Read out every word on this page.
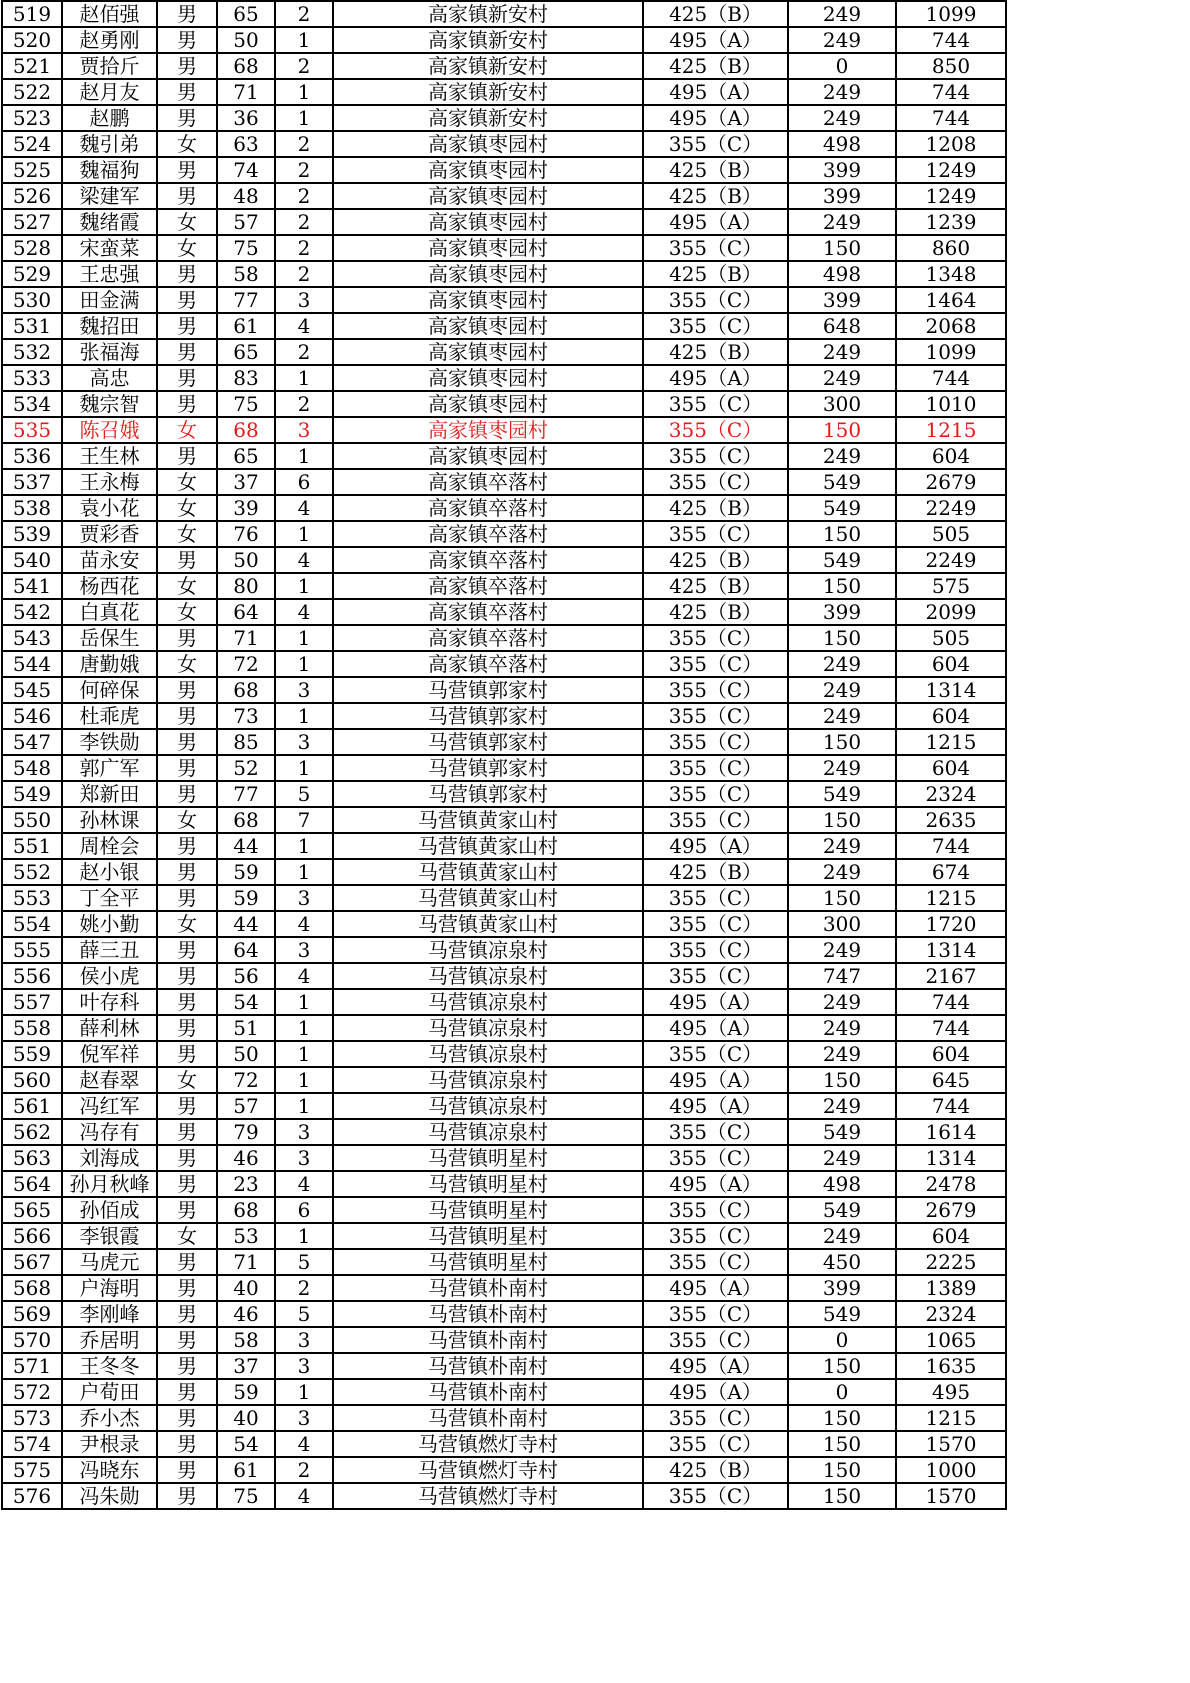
519	赵佰强	男	65	2	高家镇新安村	425（B）	249	1099
520	赵勇刚	男	50	1	高家镇新安村	495（A）	249	744
521	贾拾斤	男	68	2	高家镇新安村	425（B）	0	850
522	赵月友	男	71	1	高家镇新安村	495（A）	249	744
523	赵鹏	男	36	1	高家镇新安村	495（A）	249	744
524	魏引弟	女	63	2	高家镇枣园村	355（C）	498	1208
525	魏福狗	男	74	2	高家镇枣园村	425（B）	399	1249
526	梁建军	男	48	2	高家镇枣园村	425（B）	399	1249
527	魏绪霞	女	57	2	高家镇枣园村	495（A）	249	1239
528	宋蛮菜	女	75	2	高家镇枣园村	355（C）	150	860
529	王忠强	男	58	2	高家镇枣园村	425（B）	498	1348
530	田金满	男	77	3	高家镇枣园村	355（C）	399	1464
531	魏招田	男	61	4	高家镇枣园村	355（C）	648	2068
532	张福海	男	65	2	高家镇枣园村	425（B）	249	1099
533	高忠	男	83	1	高家镇枣园村	495（A）	249	744
534	魏宗智	男	75	2	高家镇枣园村	355（C）	300	1010
535	陈召娥	女	68	3	高家镇枣园村	355（C）	150	1215
536	王生林	男	65	1	高家镇枣园村	355（C）	249	604
537	王永梅	女	37	6	高家镇卒落村	355（C）	549	2679
538	袁小花	女	39	4	高家镇卒落村	425（B）	549	2249
539	贾彩香	女	76	1	高家镇卒落村	355（C）	150	505
540	苗永安	男	50	4	高家镇卒落村	425（B）	549	2249
541	杨西花	女	80	1	高家镇卒落村	425（B）	150	575
542	白真花	女	64	4	高家镇卒落村	425（B）	399	2099
543	岳保生	男	71	1	高家镇卒落村	355（C）	150	505
544	唐勤娥	女	72	1	高家镇卒落村	355（C）	249	604
545	何碎保	男	68	3	马营镇郭家村	355（C）	249	1314
546	杜乖虎	男	73	1	马营镇郭家村	355（C）	249	604
547	李铁勋	男	85	3	马营镇郭家村	355（C）	150	1215
548	郭广军	男	52	1	马营镇郭家村	355（C）	249	604
549	郑新田	男	77	5	马营镇郭家村	355（C）	549	2324
550	孙林课	女	68	7	马营镇黄家山村	355（C）	150	2635
551	周栓会	男	44	1	马营镇黄家山村	495（A）	249	744
552	赵小银	男	59	1	马营镇黄家山村	425（B）	249	674
553	丁全平	男	59	3	马营镇黄家山村	355（C）	150	1215
554	姚小勤	女	44	4	马营镇黄家山村	355（C）	300	1720
555	薛三丑	男	64	3	马营镇凉泉村	355（C）	249	1314
556	侯小虎	男	56	4	马营镇凉泉村	355（C）	747	2167
557	叶存科	男	54	1	马营镇凉泉村	495（A）	249	744
558	薛利林	男	51	1	马营镇凉泉村	495（A）	249	744
559	倪军祥	男	50	1	马营镇凉泉村	355（C）	249	604
560	赵春翠	女	72	1	马营镇凉泉村	495（A）	150	645
561	冯红军	男	57	1	马营镇凉泉村	495（A）	249	744
562	冯存有	男	79	3	马营镇凉泉村	355（C）	549	1614
563	刘海成	男	46	3	马营镇明星村	355（C）	249	1314
564	孙月秋峰	男	23	4	马营镇明星村	495（A）	498	2478
565	孙佰成	男	68	6	马营镇明星村	355（C）	549	2679
566	李银霞	女	53	1	马营镇明星村	355（C）	249	604
567	马虎元	男	71	5	马营镇明星村	355（C）	450	2225
568	户海明	男	40	2	马营镇朴南村	495（A）	399	1389
569	李刚峰	男	46	5	马营镇朴南村	355（C）	549	2324
570	乔居明	男	58	3	马营镇朴南村	355（C）	0	1065
571	王冬冬	男	37	3	马营镇朴南村	495（A）	150	1635
572	户荀田	男	59	1	马营镇朴南村	495（A）	0	495
573	乔小杰	男	40	3	马营镇朴南村	355（C）	150	1215
574	尹根录	男	54	4	马营镇燃灯寺村	355（C）	150	1570
575	冯晓东	男	61	2	马营镇燃灯寺村	425（B）	150	1000
576	冯朱勋	男	75	4	马营镇燃灯寺村	355（C）	150	1570
